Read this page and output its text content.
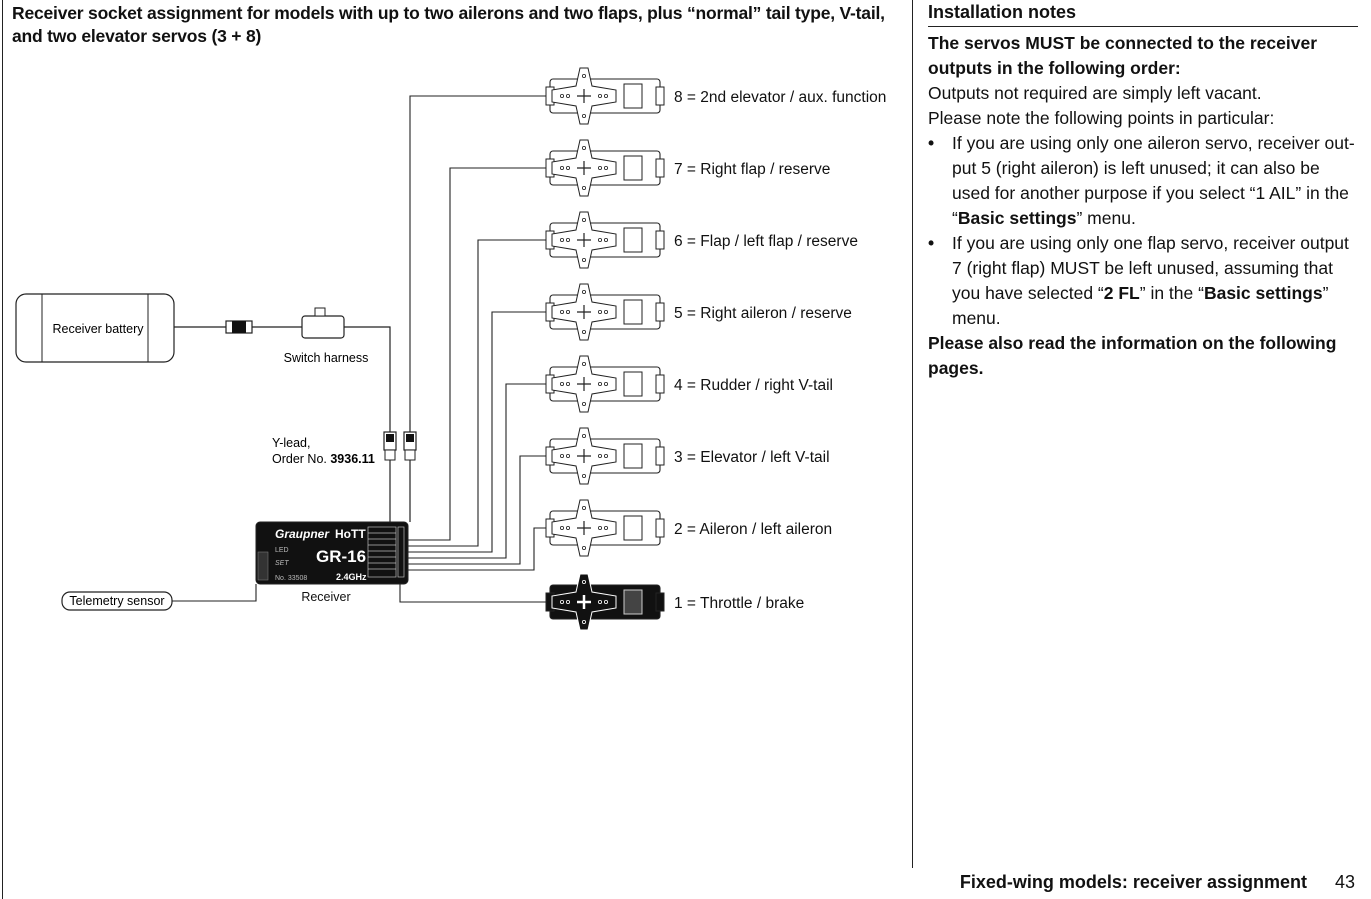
Receiver socket assignment for models with up to two ailerons and two flaps, plus “normal” tail type, V-tail, and two elevator servos (3 + 8)
Receiver battery
Switch harness
Y-lead,
Order No. 3936.11
Graupner HoTT
LED
SET GR-16
No. 33508	2.4GHz
Receiver
Telemetry sensor
8 = 2nd elevator / aux. function
7 = Right flap / reserve
6 = Flap / left flap / reserve
5 = Right aileron / reserve
4 = Rudder / right V-tail
3 = Elevator / left V-tail
2 = Aileron / left aileron
1 = Throttle / brake
Installation notes

The servos MUST be connected to the receiver outputs in the following order:

Outputs not required are simply left vacant.

Please note the following points in particular:

• If you are using only one aileron servo, receiver out-put 5 (right aileron) is left unused; it can also be used for another purpose if you select “1 AIL” in the “Basic settings” menu.
• If you are using only one flap servo, receiver output 7 (right flap) MUST be left unused, assuming that you have selected “2 FL” in the “Basic settings” menu.

Please also read the information on the following pages.

Fixed-wing models: receiver assignment 43
